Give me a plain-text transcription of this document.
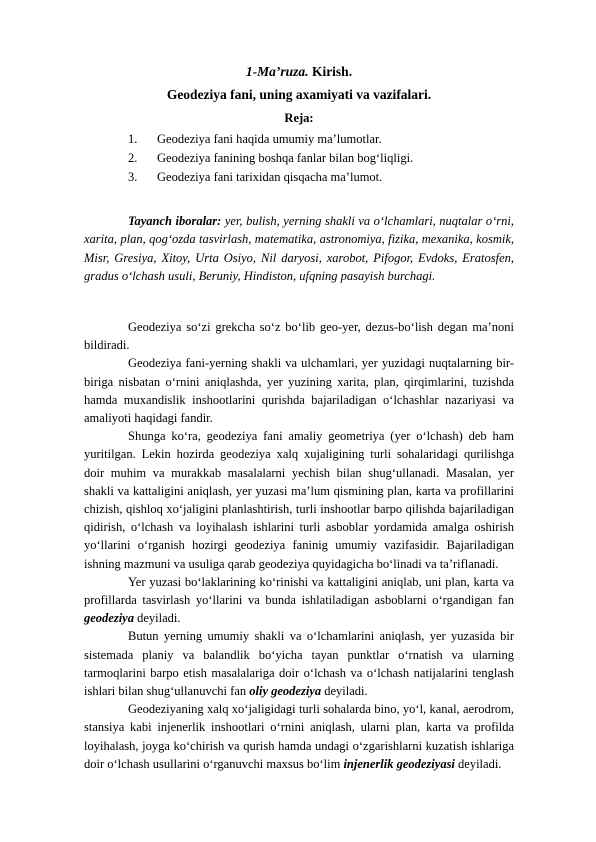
1-Ma’ruza. Kirish.
Geodeziya fani, uning axamiyati va vazifalari.
Reja:
1.	Geodeziya fani haqida umumiy ma’lumotlar.
2.	Geodeziya fanining boshqa fanlar bilan bog‘liqligi.
3.	Geodeziya fani tarixidan qisqacha ma’lumot.
Tayanch iboralar: yer, bulish, yerning shakli va o‘lchamlari, nuqtalar o‘rni, xarita, plan, qog‘ozda tasvirlash, matematika, astronomiya, fizika, mexanika, kosmik, Misr, Gresiya, Xitoy, Urta Osiyo, Nil daryosi, xarobot, Pifogor, Evdoks, Eratosfen, gradus o‘lchash usuli, Beruniy, Hindiston, ufqning pasayish burchagi.

Geodeziya so‘zi grekcha so‘z bo‘lib geo-yer, dezus-bo‘lish degan ma’noni bildiradi.

Geodeziya fani-yerning shakli va ulchamlari, yer yuzidagi nuqtalarning bir-biriga nisbatan o‘rnini aniqlashda, yer yuzining xarita, plan, qirqimlarini, tuzishda hamda muxandislik inshootlarini qurishda bajariladigan o‘lchashlar nazariyasi va amaliyoti haqidagi fandir.

Shunga ko‘ra, geodeziya fani amaliy geometriya (yer o‘lchash) deb ham yuritilgan. Lekin hozirda geodeziya xalq xujaligining turli sohalaridagi qurilishga doir muhim va murakkab masalalarni yechish bilan shug‘ullanadi. Masalan, yer shakli va kattaligini aniqlash, yer yuzasi ma’lum qismining plan, karta va profillarini chizish, qishloq xo‘jaligini planlashtirish, turli inshootlar barpo qilishda bajariladigan qidirish, o‘lchash va loyihalash ishlarini turli asboblar yordamida amalga oshirish yo‘llarini o‘rganish hozirgi geodeziya faninig umumiy vazifasidir. Bajariladigan ishning mazmuni va usuliga qarab geodeziya quyidagicha bo‘linadi va ta’riflanadi.

Yer yuzasi bo‘laklarining ko‘rinishi va kattaligini aniqlab, uni plan, karta va profillarda tasvirlash yo‘llarini va bunda ishlatiladigan asboblarni o‘rgandigan fan geodeziya deyiladi.

Butun yerning umumiy shakli va o‘lchamlarini aniqlash, yer yuzasida bir sistemada planiy va balandlik bo‘yicha tayan punktlar o‘rnatish va ularning tarmoqlarini barpo etish masalalariga doir o‘lchash va o‘lchash natijalarini tenglash ishlari bilan shug‘ullanuvchi fan oliy geodeziya deyiladi.

Geodeziyaning xalq xo‘jaligidagi turli sohalarda bino, yo‘l, kanal, aerodrom, stansiya kabi injenerlik inshootlari o‘rnini aniqlash, ularni plan, karta va profilda loyihalash, joyga ko‘chirish va qurish hamda undagi o‘zgarishlarni kuzatish ishlariga doir o‘lchash usullarini o‘rganuvchi maxsus bo‘lim injenerlik geodeziyasi deyiladi.
